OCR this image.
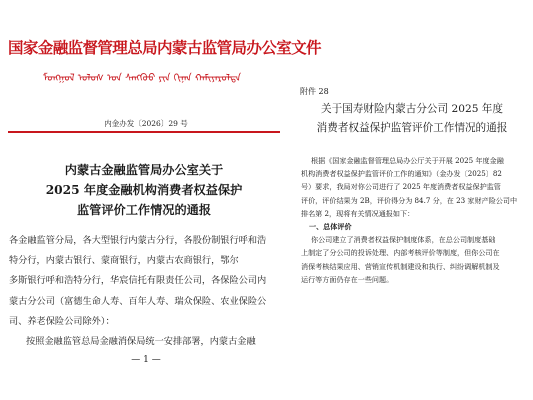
国家金融监督管理总局内蒙古监管局办公室文件
ᠮᠣᠩᠭᠣᠯ ᠤᠯᠤᠰ ᠤᠨ ᠰᠠᠩᠬᠦᠦ ᠶᠢᠨ ᠬᠢᠨᠠᠨ ᠬᠠᠮᠢᠶᠠᠷᠤᠯᠲᠠ
内金办发〔2026〕29 号
内蒙古金融监管局办公室关于
2025 年度金融机构消费者权益保护
监管评价工作情况的通报

各金融监管分局，各大型银行内蒙古分行，各股份制银行呼和浩

特分行，内蒙古银行、蒙商银行，内蒙古农商银行，鄂尔

多斯银行呼和浩特分行，华宸信托有限责任公司，各保险公司内

蒙古分公司（富德生命人寿、百年人寿、瑞众保险、农业保险公

司、养老保险公司除外）：

按照金融监管总局金融消保局统一安排部署，内蒙古金融

— 1 —
附件 28
关于国寿财险内蒙古分公司 2025 年度
消费者权益保护监管评价工作情况的通报

根据《国家金融监督管理总局办公厅关于开展 2025 年度金融

机构消费者权益保护监管评价工作的通知》（金办发〔2025〕82

号）要求，我局对你公司进行了 2025 年度消费者权益保护监管

评价，评价结果为 2B，评价得分为 84.7 分，在 23 家财产险公司中

排名第 2，现将有关情况通报如下：

一、总体评价

你公司建立了消费者权益保护制度体系，在总公司制度基础

上制定了分公司的投诉处理、内部考核评价等制度，但你公司在

消保考核结果应用、营销宣传机制建设和执行、纠纷调解机制及

运行等方面仍存在一些问题。
